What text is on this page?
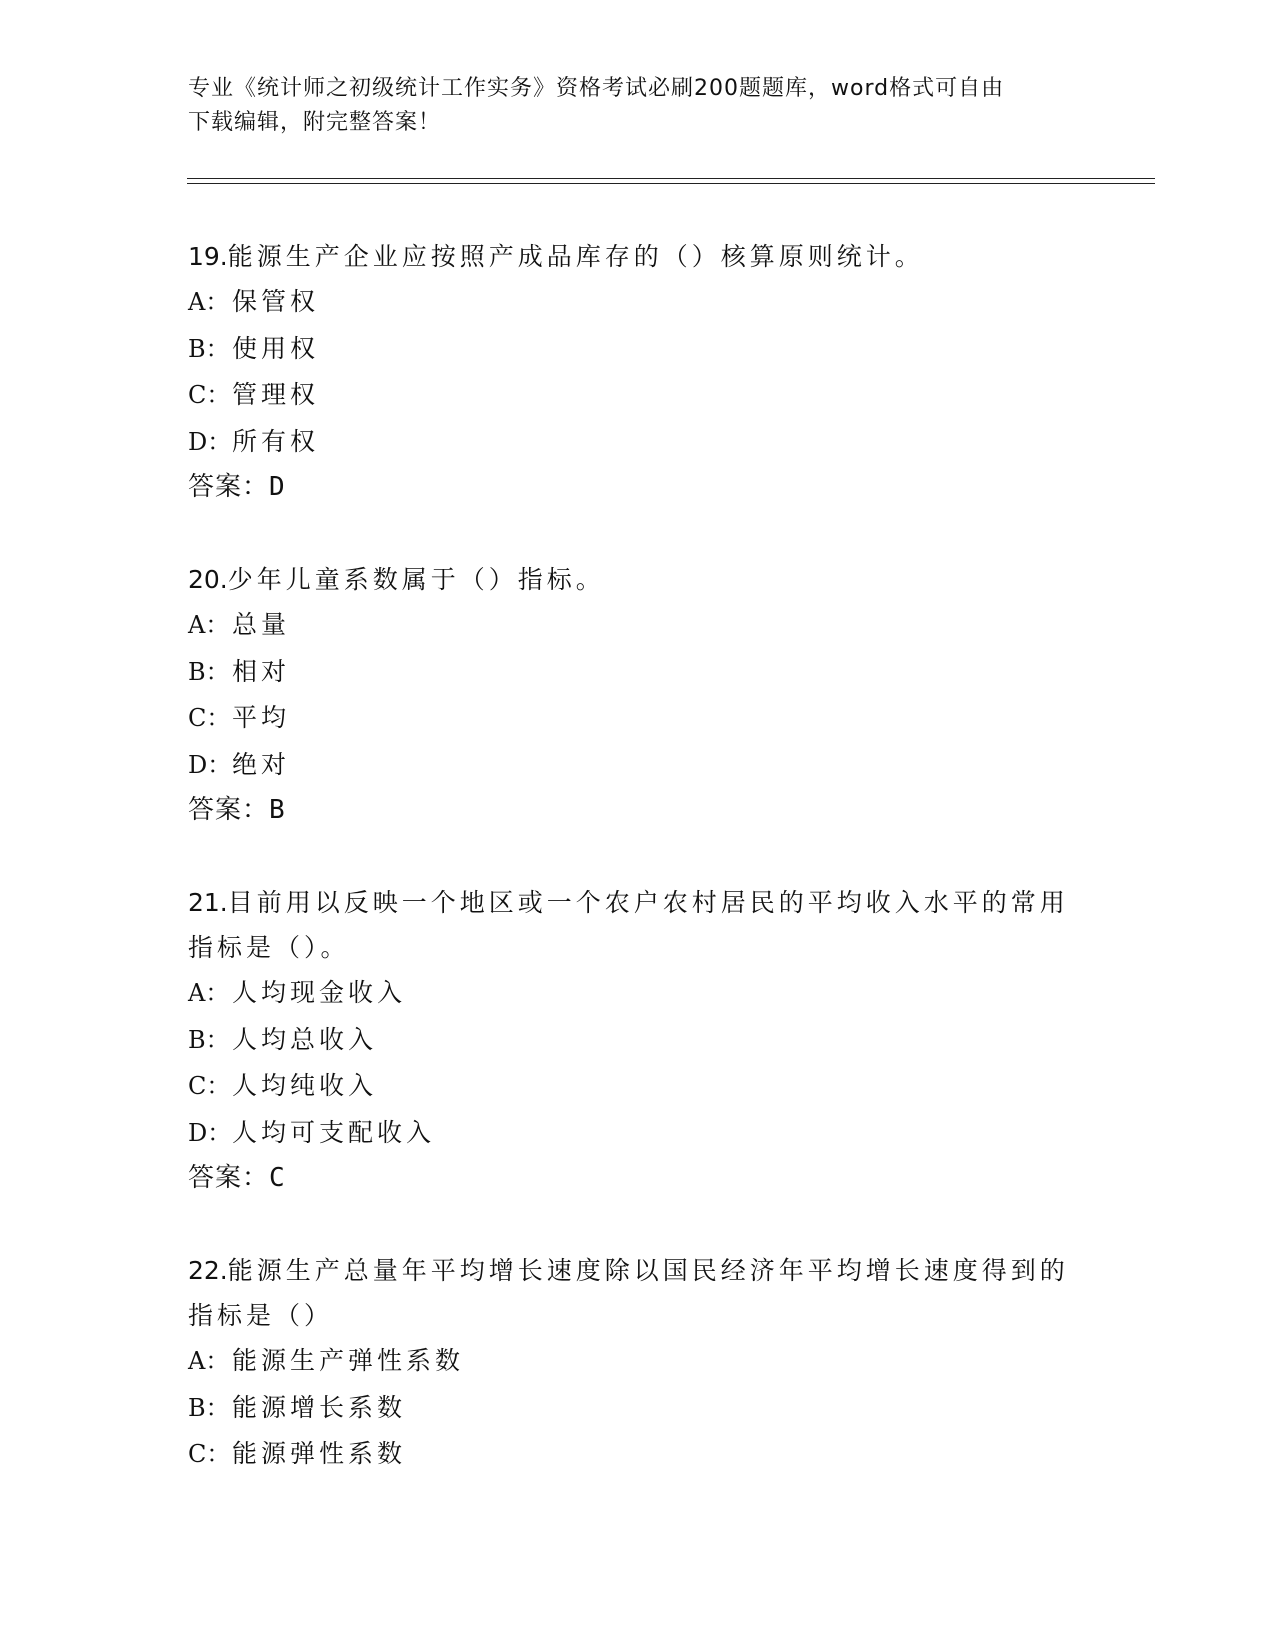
专业《统计师之初级统计工作实务》资格考试必刷200题题库，word格式可自由
下载编辑，附完整答案！

19.能源生产企业应按照产成品库存的（）核算原则统计。

A： 保管权
B：使用权
C：管理权
D：所有权

答案：D

20.少年儿童系数属于（）指标。

A： 总量
B：相对
C：平均
D：绝对

答案：B

21.目前用以反映一个地区或一个农户农村居民的平均收入水平的常用指标是（）。

A： 人均现金收入
B：人均总收入
C：人均纯收入
D：人均可支配收入

答案：C

22.能源生产总量年平均增长速度除以国民经济年平均增长速度得到的指标是（）

A： 能源生产弹性系数
B：能源增长系数
C：能源弹性系数
